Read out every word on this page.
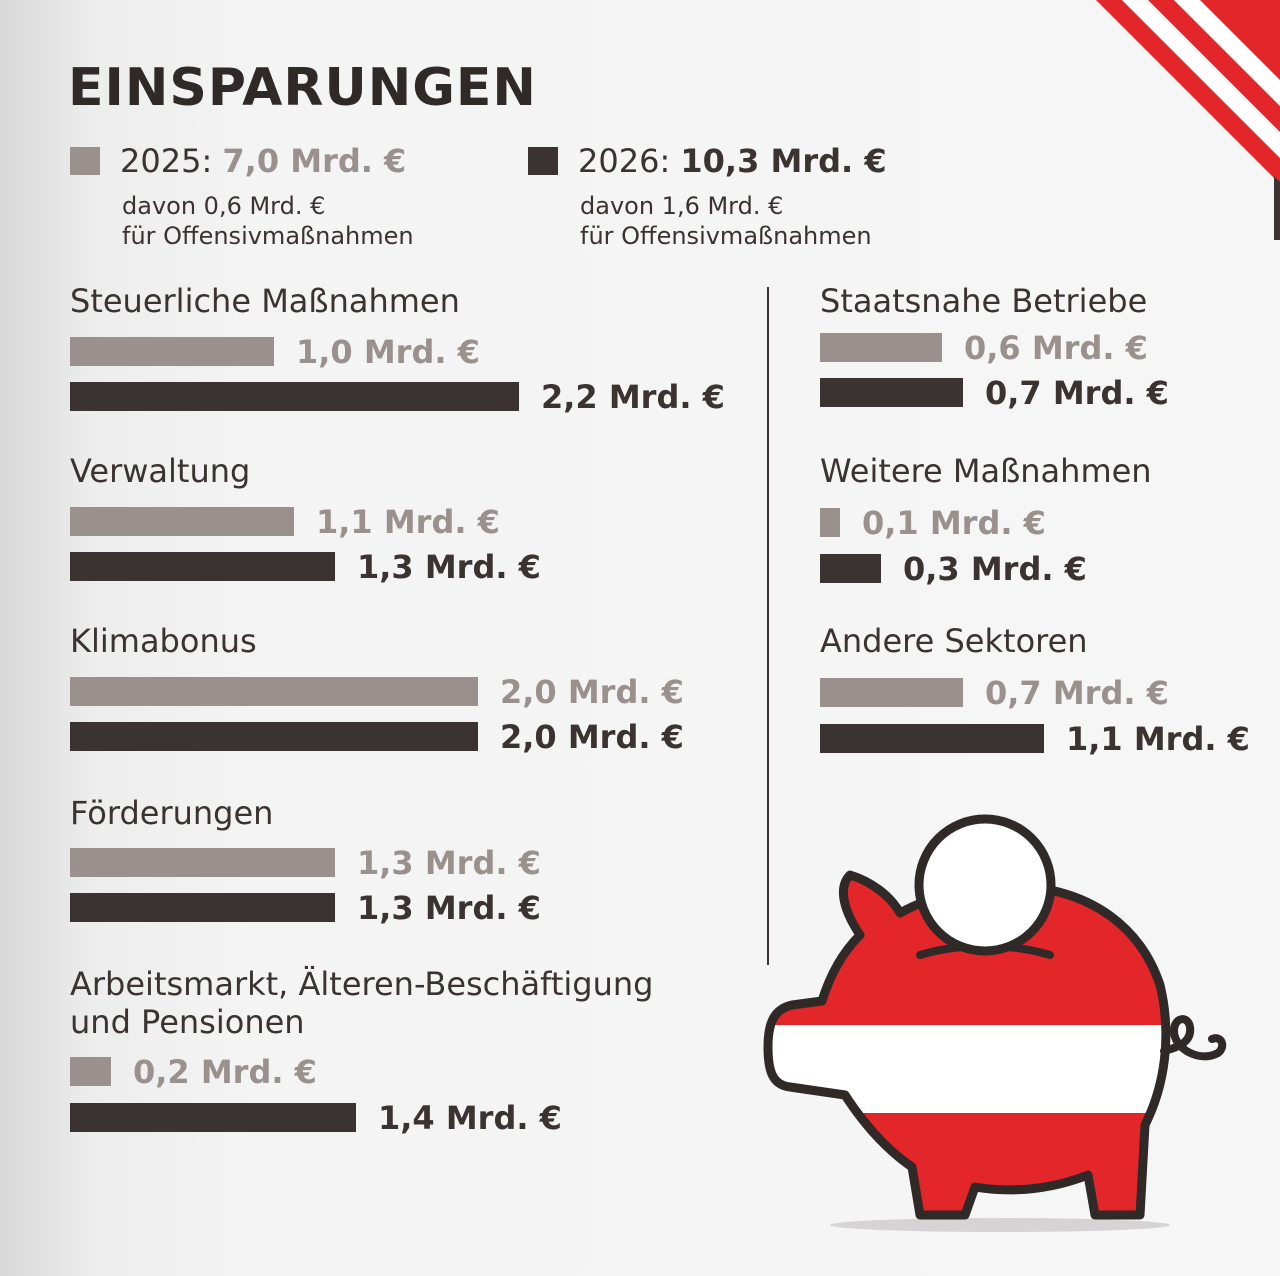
EINSPARUNGEN
2025: 7,0 Mrd. €
davon 0,6 Mrd. €
für Offensivmaßnahmen
2026: 10,3 Mrd. €
davon 1,6 Mrd. €
für Offensivmaßnahmen
Steuerliche Maßnahmen
1,0 Mrd. €
2,2 Mrd. €
Verwaltung
1,1 Mrd. €
1,3 Mrd. €
Klimabonus
2,0 Mrd. €
2,0 Mrd. €
Förderungen
1,3 Mrd. €
1,3 Mrd. €
Arbeitsmarkt, Älteren-Beschäftigung
und Pensionen
0,2 Mrd. €
1,4 Mrd. €
Staatsnahe Betriebe
0,6 Mrd. €
0,7 Mrd. €
Weitere Maßnahmen
0,1 Mrd. €
0,3 Mrd. €
Andere Sektoren
0,7 Mrd. €
1,1 Mrd. €
